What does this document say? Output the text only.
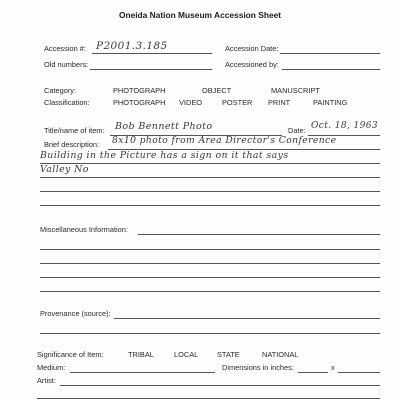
Oneida Nation Museum Accession Sheet
Accession #: P2001.3.185	Accession Date:
Old numbers:	Accessioned by:
Category:	PHOTOGRAPH	OBJECT	MANUSCRIPT
Classification:	PHOTOGRAPH VIDEO	POSTER PRINT	PAINTING
Title/name of item: Bob Bennett Photo	Date: Oct. 18, 1963
Brief description: 8x10 photo from Area Director's Conference
Building in the Picture has a sign on it that says
Valley No
Miscellaneous Information:
Provenance (source):
Significance of Item:	TRIBAL	LOCAL	STATE	NATIONAL
Medium:	Dimensions in inches:	x
Artist:
